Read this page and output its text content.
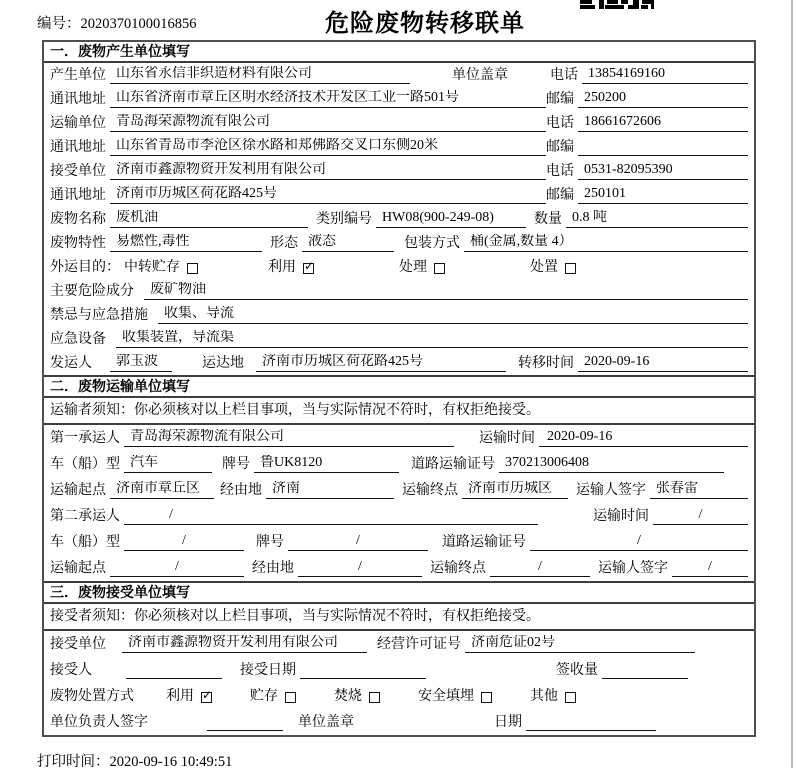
编号：2020370100016856	危险废物转移联单
一．废物产生单位填写
产生单位 山东省永信非织造材料有限公司	单位盖章	电话 13854169160
通讯地址 山东省济南市章丘区明水经济技术开发区工业一路501号	邮编 250200
运输单位 青岛海荣源物流有限公司	电话 18661672606
通讯地址 山东省青岛市李沧区徐水路和郑佛路交叉口东侧20米	邮编
接受单位 济南市鑫源物资开发利用有限公司	电话 0531-82095390
通讯地址 济南市历城区荷花路425号	邮编 250101
废物名称 废机油	类别编号 HW08(900-249-08)	数量 0.8 吨
废物特性 易燃性,毒性	形态 液态	包装方式 桶(金属,数量 4）
外运目的： 中转贮存	利用 ✓	处理	处置
主要危险成分	废矿物油
禁忌与应急措施	收集、导流
应急设备	收集装置，导流渠
发运人	郭玉波	运达地	济南市历城区荷花路425号	转移时间 2020-09-16
二．废物运输单位填写
运输者须知：你必须核对以上栏目事项，当与实际情况不符时，有权拒绝接受。
第一承运人 青岛海荣源物流有限公司	运输时间 2020-09-16
车（船）型 汽车	牌号 鲁UK8120	道路运输证号 370213006408
运输起点 济南市章丘区	经由地 济南	运输终点 济南市历城区	运输人签字 张春雷
第二承运人	/	运输时间	/
车（船）型	/	牌号	/	道路运输证号	/
运输起点	/	经由地	/	运输终点	/	运输人签字	/
三．废物接受单位填写
接受者须知：你必须核对以上栏目事项，当与实际情况不符时，有权拒绝接受。
接受单位	济南市鑫源物资开发利用有限公司	经营许可证号 济南危证02号
接受人	接受日期	签收量
废物处置方式 利用 ✓	贮存	焚烧	安全填埋	其他
单位负责人签字	单位盖章	日期
打印时间：2020-09-16 10:49:51
